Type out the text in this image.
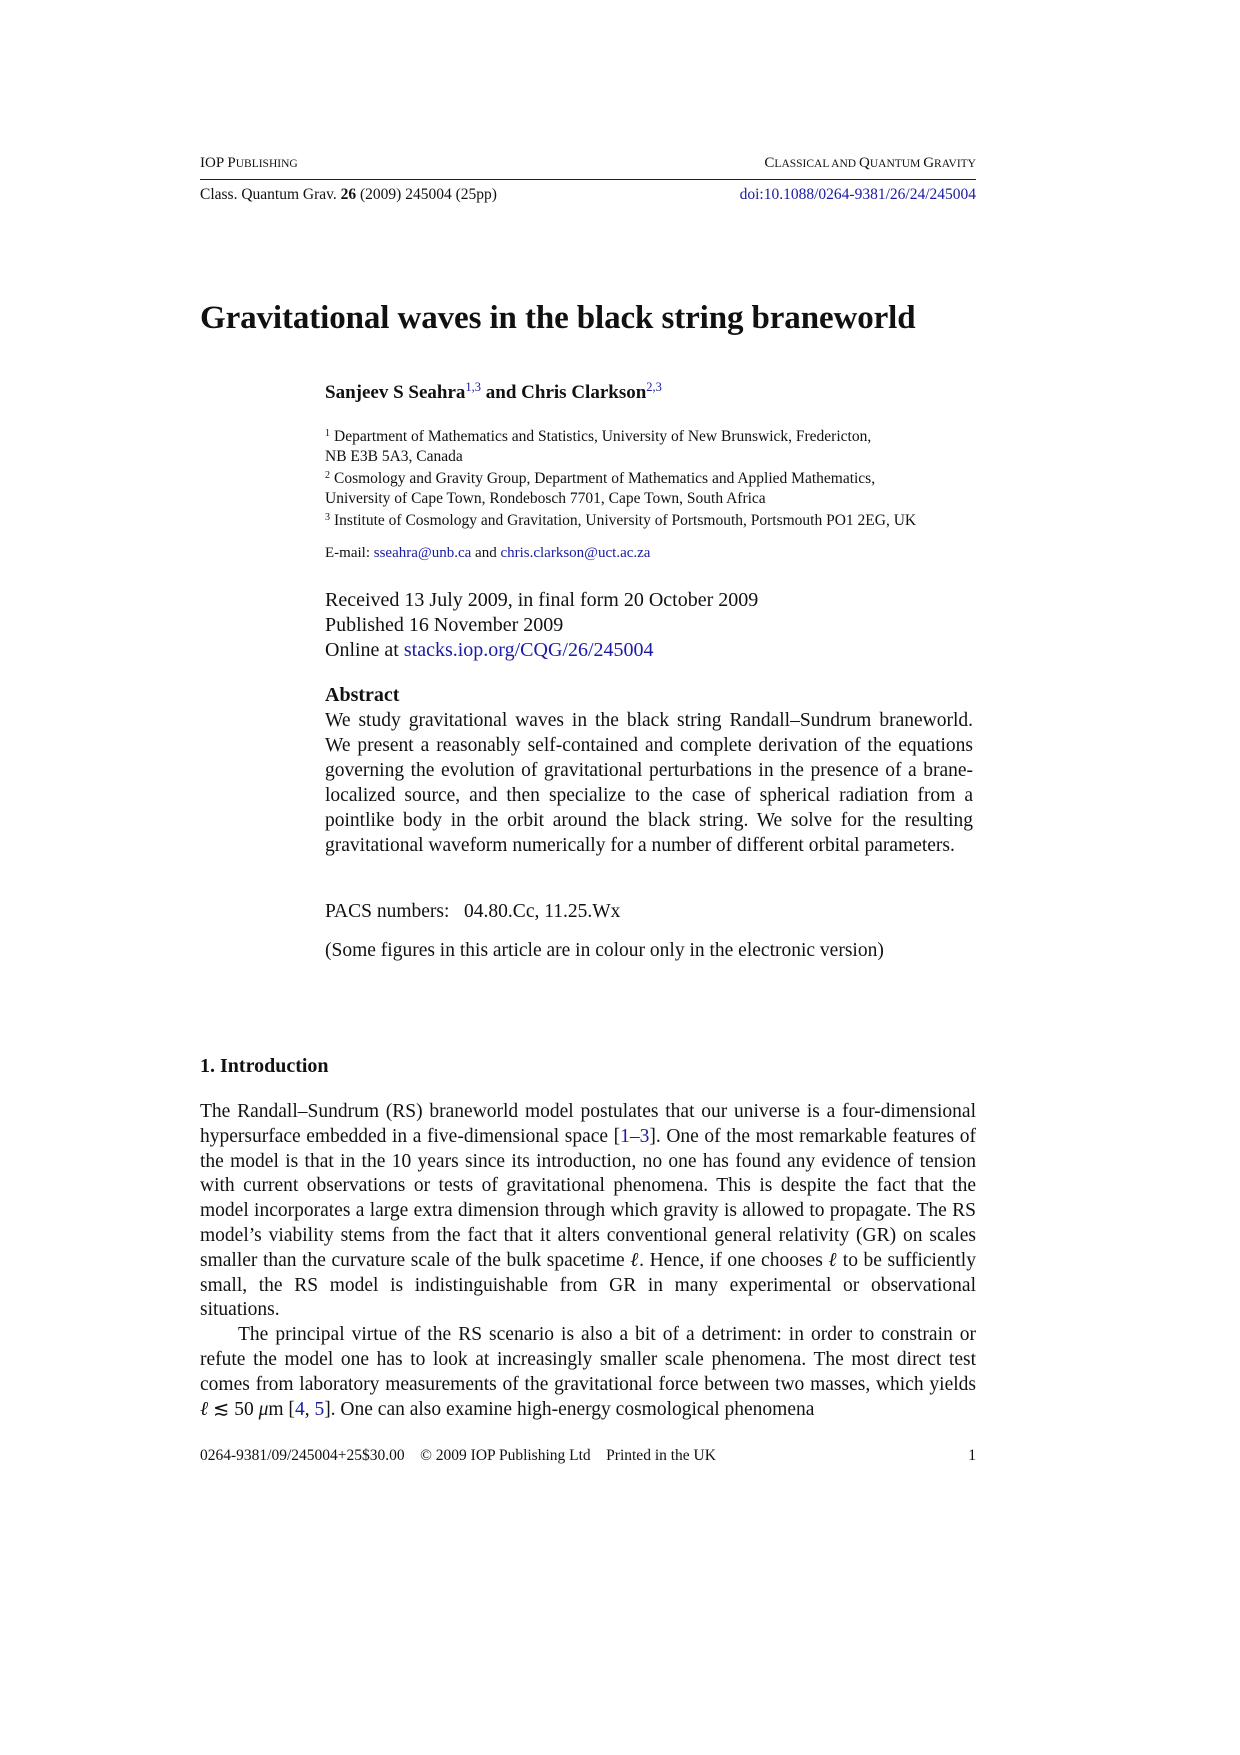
IOP PUBLISHING	CLASSICAL AND QUANTUM GRAVITY
Class. Quantum Grav. 26 (2009) 245004 (25pp)	doi:10.1088/0264-9381/26/24/245004
Gravitational waves in the black string braneworld
Sanjeev S Seahra$^{1,3}$ and Chris Clarkson$^{2,3}$
$^1$ Department of Mathematics and Statistics, University of New Brunswick, Fredericton,
NB E3B 5A3, Canada
$^2$ Cosmology and Gravity Group, Department of Mathematics and Applied Mathematics,
University of Cape Town, Rondebosch 7701, Cape Town, South Africa
$^3$ Institute of Cosmology and Gravitation, University of Portsmouth, Portsmouth PO1 2EG, UK
E-mail: sseahra@unb.ca and chris.clarkson@uct.ac.za
Received 13 July 2009, in final form 20 October 2009
Published 16 November 2009
Online at stacks.iop.org/CQG/26/245004
Abstract

We study gravitational waves in the black string Randall–Sundrum braneworld. We present a reasonably self-contained and complete derivation of the equations governing the evolution of gravitational perturbations in the presence of a brane-localized source, and then specialize to the case of spherical radiation from a pointlike body in the orbit around the black string. We solve for the resulting gravitational waveform numerically for a number of different orbital parameters.

PACS numbers:   04.80.Cc, 11.25.Wx
(Some figures in this article are in colour only in the electronic version)
1. Introduction

The Randall–Sundrum (RS) braneworld model postulates that our universe is a four-dimensional hypersurface embedded in a five-dimensional space [1–3]. One of the most remarkable features of the model is that in the 10 years since its introduction, no one has found any evidence of tension with current observations or tests of gravitational phenomena. This is despite the fact that the model incorporates a large extra dimension through which gravity is allowed to propagate. The RS model’s viability stems from the fact that it alters conventional general relativity (GR) on scales smaller than the curvature scale of the bulk spacetime ℓ. Hence, if one chooses ℓ to be sufficiently small, the RS model is indistinguishable from GR in many experimental or observational situations.

The principal virtue of the RS scenario is also a bit of a detriment: in order to constrain or refute the model one has to look at increasingly smaller scale phenomena. The most direct test comes from laboratory measurements of the gravitational force between two masses, which yields ℓ ≲ 50 μm [4, 5]. One can also examine high-energy cosmological phenomena

0264-9381/09/245004+25$30.00    © 2009 IOP Publishing Ltd    Printed in the UK	1
